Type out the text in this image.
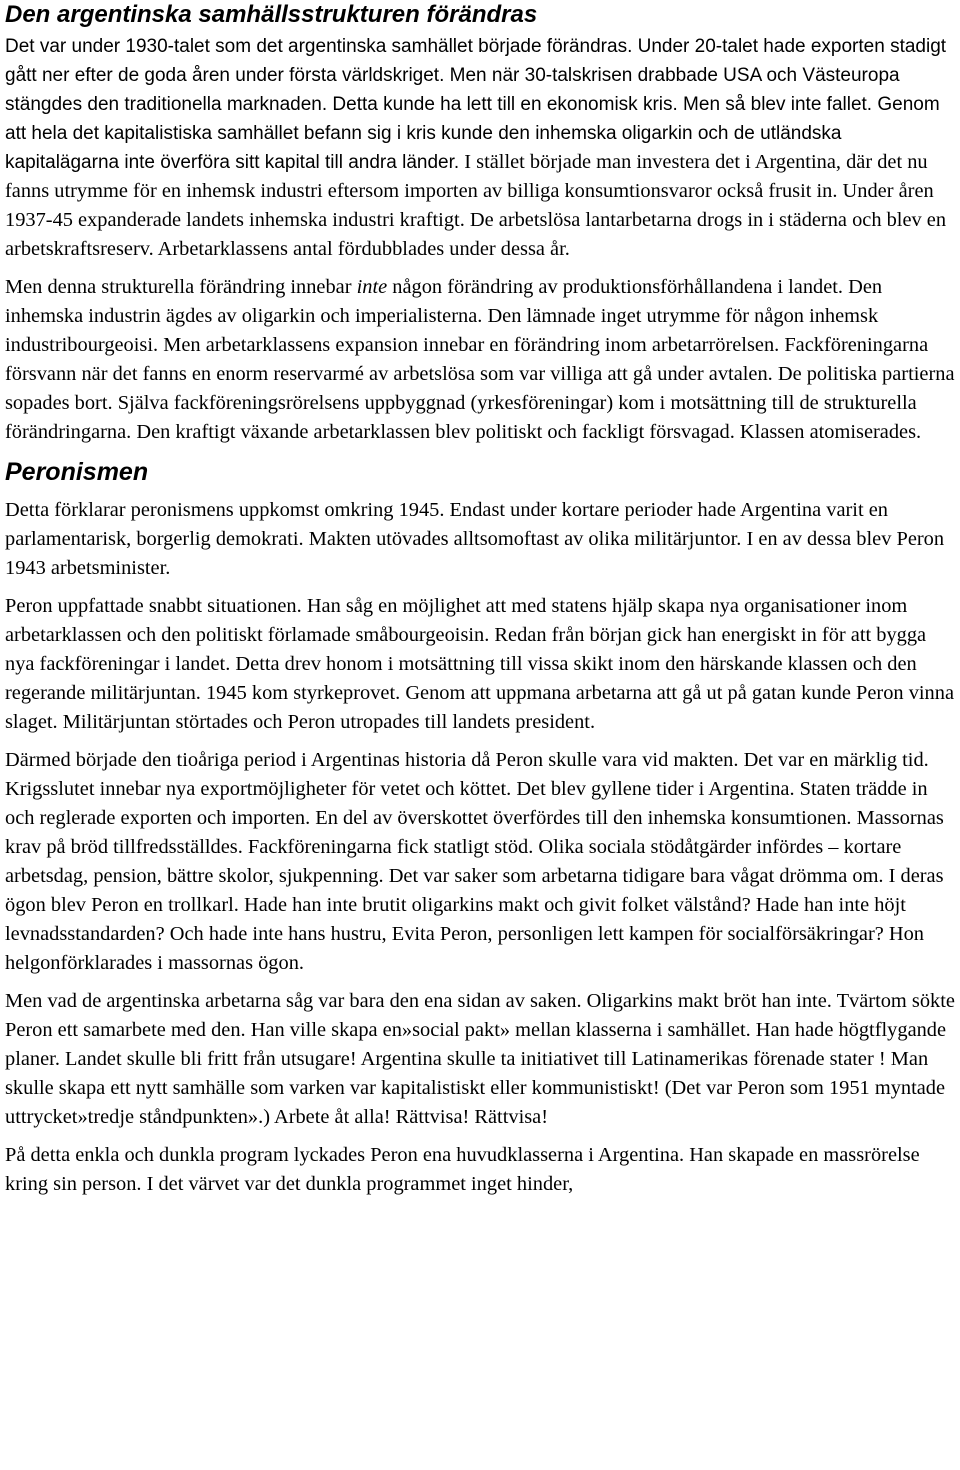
Den argentinska samhällsstrukturen förändras

Det var under 1930-talet som det argentinska samhället började förändras. Under 20-talet hade exporten stadigt gått ner efter de goda åren under första världskriget. Men när 30-talskrisen drabbade USA och Västeuropa stängdes den traditionella marknaden. Detta kunde ha lett till en ekonomisk kris. Men så blev inte fallet. Genom att hela det kapitalistiska samhället befann sig i kris kunde den inhemska oligarkin och de utländska kapitalägarna inte överföra sitt kapital till andra länder. I stället började man investera det i Argentina, där det nu fanns utrymme för en inhemsk industri eftersom importen av billiga konsumtionsvaror också frusit in. Under åren 1937-45 expanderade landets inhemska industri kraftigt. De arbetslösa lantarbetarna drogs in i städerna och blev en arbetskraftsreserv. Arbetarklassens antal fördubblades under dessa år.

Men denna strukturella förändring innebar inte någon förändring av produktionsförhållandena i landet. Den inhemska industrin ägdes av oligarkin och imperialisterna. Den lämnade inget utrymme för någon inhemsk industribourgeoisi. Men arbetarklassens expansion innebar en förändring inom arbetarrörelsen. Fackföreningarna försvann när det fanns en enorm reservarmé av arbetslösa som var villiga att gå under avtalen. De politiska partierna sopades bort. Själva fackföreningsrörelsens uppbyggnad (yrkesföreningar) kom i motsättning till de strukturella förändringarna. Den kraftigt växande arbetarklassen blev politiskt och fackligt försvagad. Klassen atomiserades.

Peronismen

Detta förklarar peronismens uppkomst omkring 1945. Endast under kortare perioder hade Argentina varit en parlamentarisk, borgerlig demokrati. Makten utövades alltsomoftast av olika militärjuntor. I en av dessa blev Peron 1943 arbetsminister.

Peron uppfattade snabbt situationen. Han såg en möjlighet att med statens hjälp skapa nya organisationer inom arbetarklassen och den politiskt förlamade småbourgeoisin. Redan från början gick han energiskt in för att bygga nya fackföreningar i landet. Detta drev honom i motsättning till vissa skikt inom den härskande klassen och den regerande militärjuntan. 1945 kom styrkeprovet. Genom att uppmana arbetarna att gå ut på gatan kunde Peron vinna slaget. Militärjuntan störtades och Peron utropades till landets president.

Därmed började den tioåriga period i Argentinas historia då Peron skulle vara vid makten. Det var en märklig tid. Krigsslutet innebar nya exportmöjligheter för vetet och köttet. Det blev gyllene tider i Argentina. Staten trädde in och reglerade exporten och importen. En del av överskottet överfördes till den inhemska konsumtionen. Massornas krav på bröd tillfredsställdes. Fackföreningarna fick statligt stöd. Olika sociala stödåtgärder infördes – kortare arbetsdag, pension, bättre skolor, sjukpenning. Det var saker som arbetarna tidigare bara vågat drömma om. I deras ögon blev Peron en trollkarl. Hade han inte brutit oligarkins makt och givit folket välstånd? Hade han inte höjt levnadsstandarden? Och hade inte hans hustru, Evita Peron, personligen lett kampen för socialförsäkringar? Hon helgonförklarades i massornas ögon.

Men vad de argentinska arbetarna såg var bara den ena sidan av saken. Oligarkins makt bröt han inte. Tvärtom sökte Peron ett samarbete med den. Han ville skapa en»social pakt» mellan klasserna i samhället. Han hade högtflygande planer. Landet skulle bli fritt från utsugare! Argentina skulle ta initiativet till Latinamerikas förenade stater ! Man skulle skapa ett nytt samhälle som varken var kapitalistiskt eller kommunistiskt! (Det var Peron som 1951 myntade uttrycket»tredje ståndpunkten».) Arbete åt alla! Rättvisa! Rättvisa!

På detta enkla och dunkla program lyckades Peron ena huvudklasserna i Argentina. Han skapade en massrörelse kring sin person. I det värvet var det dunkla programmet inget hinder,
